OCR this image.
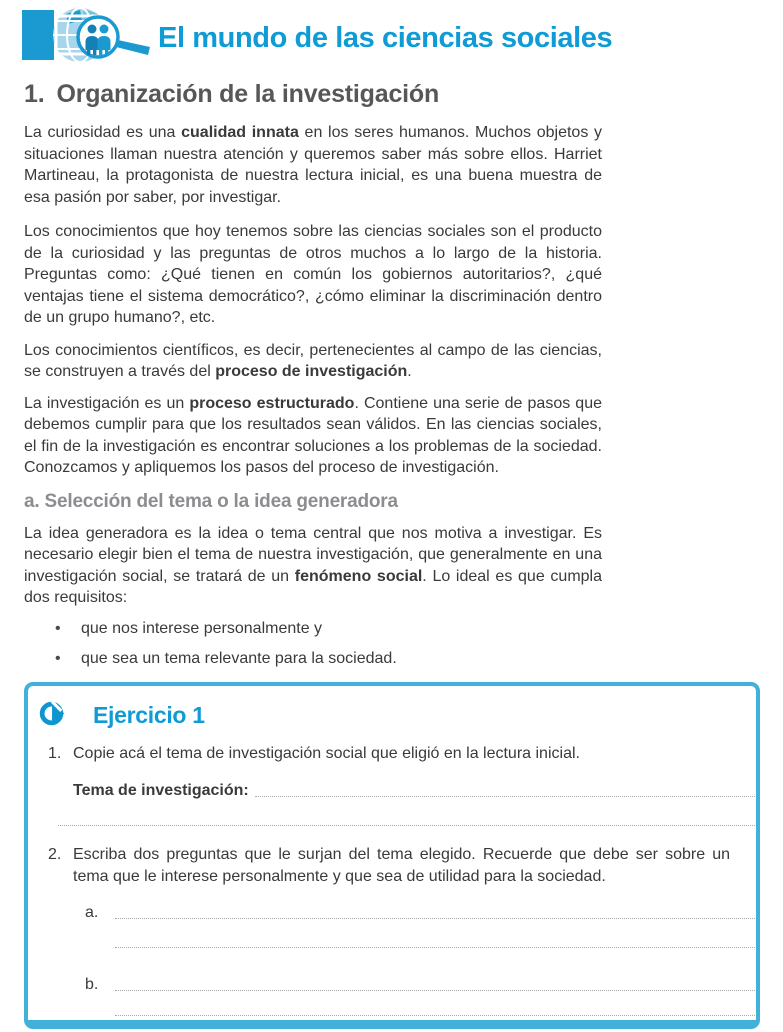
El mundo de las ciencias sociales
1. Organización de la investigación

La curiosidad es una cualidad innata en los seres humanos. Muchos objetos y situaciones llaman nuestra atención y queremos saber más sobre ellos. Harriet Martineau, la protagonista de nuestra lectura inicial, es una buena muestra de esa pasión por saber, por investigar.

Los conocimientos que hoy tenemos sobre las ciencias sociales son el producto de la curiosidad y las preguntas de otros muchos a lo largo de la historia. Preguntas como: ¿Qué tienen en común los gobiernos autoritarios?, ¿qué ventajas tiene el sistema democrático?, ¿cómo eliminar la discriminación dentro de un grupo humano?, etc.

Los conocimientos científicos, es decir, pertenecientes al campo de las ciencias, se construyen a través del proceso de investigación.

La investigación es un proceso estructurado. Contiene una serie de pasos que debemos cumplir para que los resultados sean válidos. En las ciencias sociales, el fin de la investigación es encontrar soluciones a los problemas de la sociedad. Conozcamos y apliquemos los pasos del proceso de investigación.

a. Selección del tema o la idea generadora

La idea generadora es la idea o tema central que nos motiva a investigar. Es necesario elegir bien el tema de nuestra investigación, que generalmente en una investigación social, se tratará de un fenómeno social. Lo ideal es que cumpla dos requisitos:

• que nos interese personalmente y
• que sea un tema relevante para la sociedad.
Ejercicio 1
1. Copie acá el tema de investigación social que eligió en la lectura inicial.

Tema de investigación:
2. Escriba dos preguntas que le surjan del tema elegido. Recuerde que debe ser sobre un tema que le interese personalmente y que sea de utilidad para la sociedad.

a.
b.
